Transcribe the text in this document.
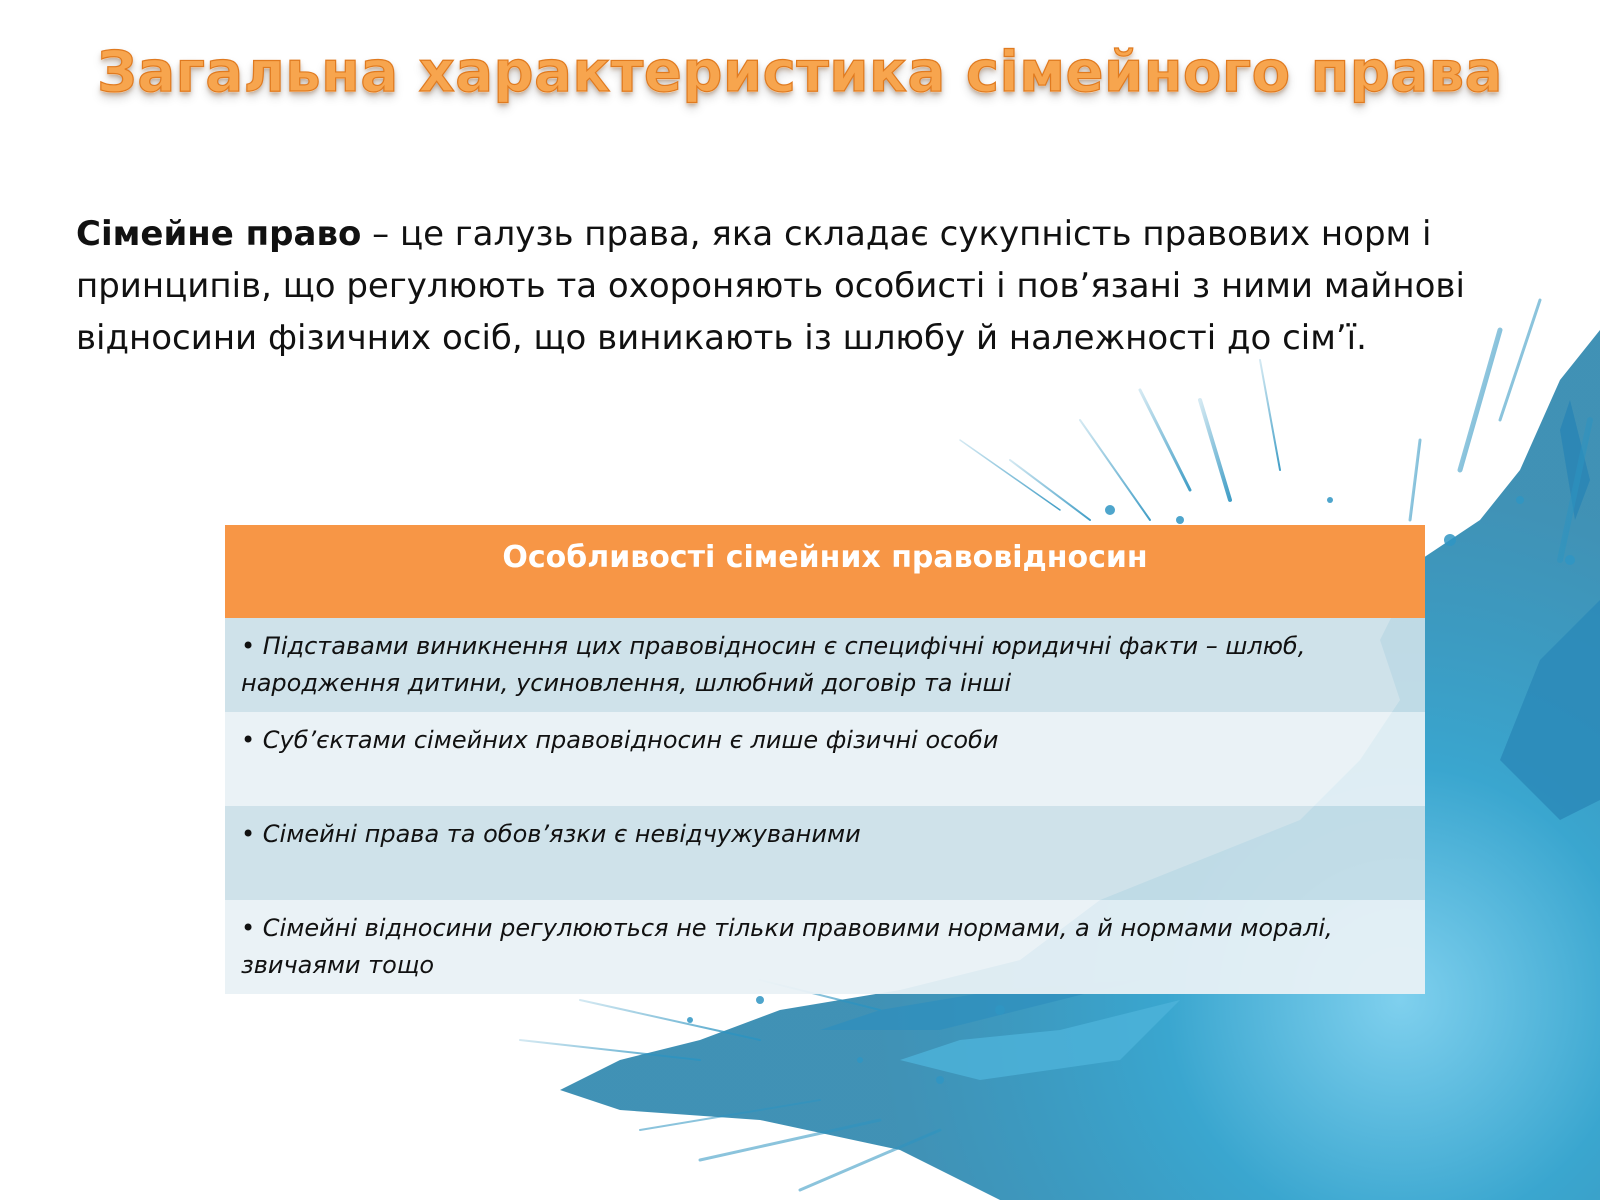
Загальна характеристика сімейного права
Сімейне право – це галузь права, яка складає сукупність правових норм і принципів, що регулюють та охороняють особисті і пов’язані з ними майнові відносини фізичних осіб, що виникають із шлюбу й належності до сім’ї.
Особливості сімейних правовідносин
• Підставами виникнення цих правовідносин є специфічні юридичні факти – шлюб, народження дитини, усиновлення, шлюбний договір та інші
• Суб’єктами сімейних правовідносин є лише фізичні особи
• Сімейні права та обов’язки є невідчужуваними
• Сімейні відносини регулюються не тільки правовими нормами, а й нормами моралі, звичаями тощо
